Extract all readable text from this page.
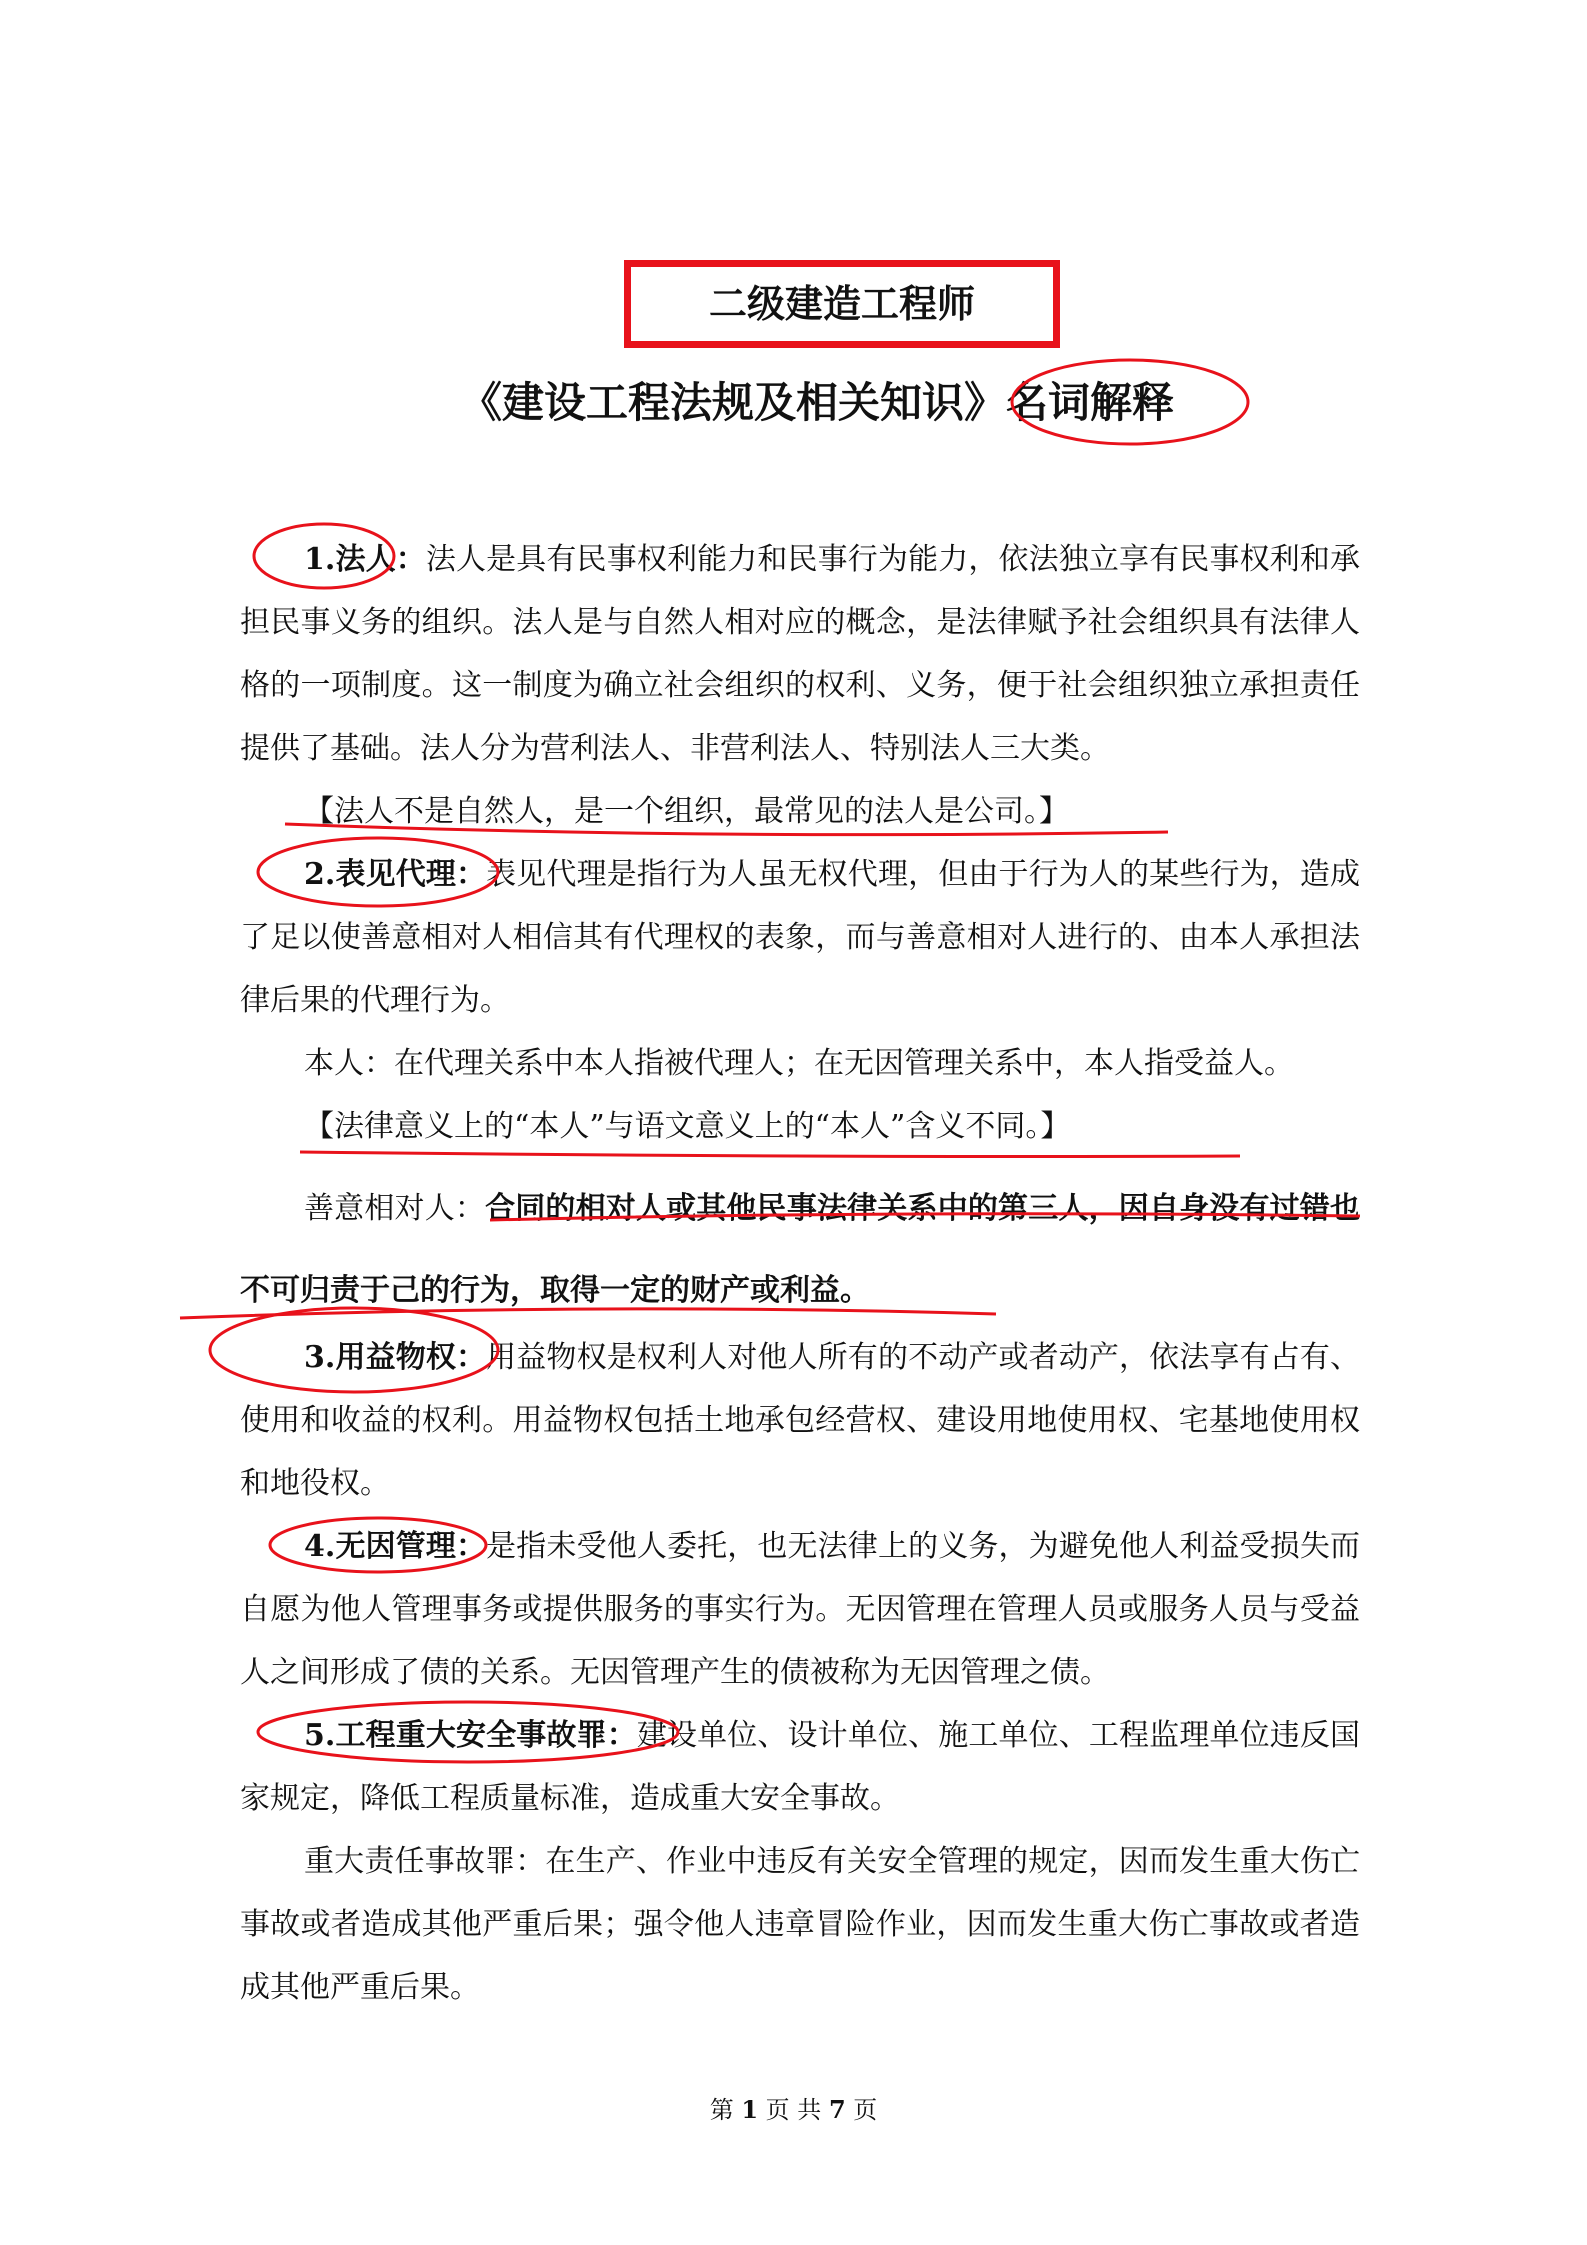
二级建造工程师
《建设工程法规及相关知识》名词解释
1.法人：法人是具有民事权利能力和民事行为能力，依法独立享有民事权利和承担民事义务的组织。法人是与自然人相对应的概念，是法律赋予社会组织具有法律人格的一项制度。这一制度为确立社会组织的权利、义务，便于社会组织独立承担责任提供了基础。法人分为营利法人、非营利法人、特别法人三大类。
【法人不是自然人，是一个组织，最常见的法人是公司。】
2.表见代理：表见代理是指行为人虽无权代理，但由于行为人的某些行为，造成了足以使善意相对人相信其有代理权的表象，而与善意相对人进行的、由本人承担法律后果的代理行为。
本人：在代理关系中本人指被代理人；在无因管理关系中，本人指受益人。
【法律意义上的“本人”与语文意义上的“本人”含义不同。】
善意相对人：合同的相对人或其他民事法律关系中的第三人，因自身没有过错也不可归责于己的行为，取得一定的财产或利益。
3.用益物权：用益物权是权利人对他人所有的不动产或者动产，依法享有占有、使用和收益的权利。用益物权包括土地承包经营权、建设用地使用权、宅基地使用权和地役权。
4.无因管理：是指未受他人委托，也无法律上的义务，为避免他人利益受损失而自愿为他人管理事务或提供服务的事实行为。无因管理在管理人员或服务人员与受益人之间形成了债的关系。无因管理产生的债被称为无因管理之债。
5.工程重大安全事故罪：建设单位、设计单位、施工单位、工程监理单位违反国家规定，降低工程质量标准，造成重大安全事故。
重大责任事故罪：在生产、作业中违反有关安全管理的规定，因而发生重大伤亡事故或者造成其他严重后果；强令他人违章冒险作业，因而发生重大伤亡事故或者造成其他严重后果。
第 1 页 共 7 页
